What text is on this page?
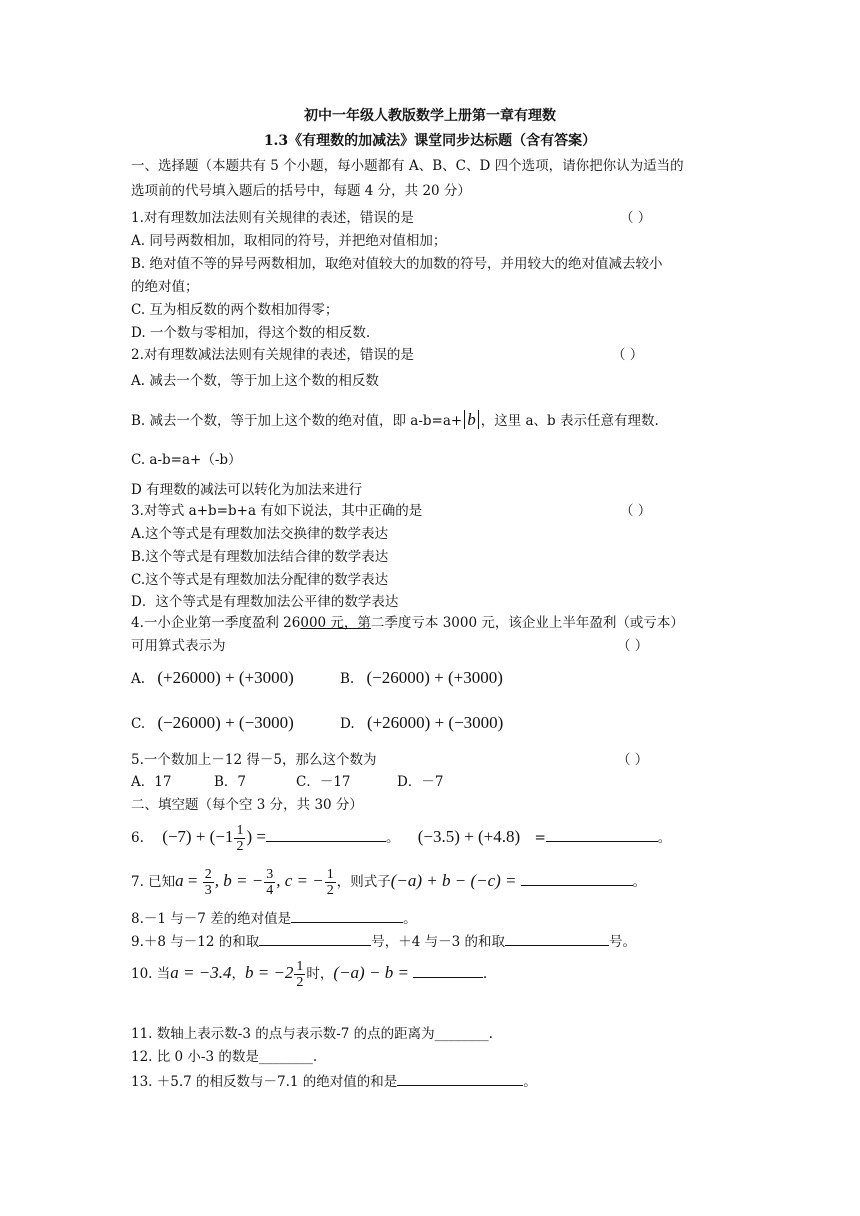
初中一年级人教版数学上册第一章有理数
1.3《有理数的加减法》课堂同步达标题（含有答案）
一、选择题（本题共有 5 个小题，每小题都有 A、B、C、D 四个选项，请你把你认为适当的
选项前的代号填入题后的括号中，每题 4 分，共 20 分）
1.对有理数加法法则有关规律的表述，错误的是	（ ）
A. 同号两数相加，取相同的符号，并把绝对值相加；
B. 绝对值不等的异号两数相加，取绝对值较大的加数的符号，并用较大的绝对值减去较小
的绝对值；
C. 互为相反数的两个数相加得零；
D. 一个数与零相加，得这个数的相反数.
2.对有理数减法法则有关规律的表述，错误的是	（ ）
A. 减去一个数，等于加上这个数的相反数
B. 减去一个数，等于加上这个数的绝对值，即 a-b=a+ b ，这里 a、b 表示任意有理数.
C. a-b=a+（-b）
D 有理数的减法可以转化为加法来进行
3.对等式 a+b=b+a 有如下说法，其中正确的是	（ ）
A.这个等式是有理数加法交换律的数学表达
B.这个等式是有理数加法结合律的数学表达
C.这个等式是有理数加法分配律的数学表达
D．这个等式是有理数加法公平律的数学表达
4.一小企业第一季度盈利 26000 元，第二季度亏本 3000 元，该企业上半年盈利（或亏本）
可用算式表示为	（ ）
A. (+26000) + (+3000)	B. (−26000) + (+3000)
C. (−26000) + (−3000)	D. (+26000) + (−3000)
5.一个数加上－12 得－5，那么这个数为	（ ）
A．17	B．7	C．－17	D．－7
二、填空题（每个空 3 分，共 30 分）
6. $(-7) + (-1 \frac{1}{2}$ ) =	。 (−3.5) + (+4.8) =	。
7. 已知$a = \frac{2}{3}$ , b = − $\frac{3}{4}$ , c = − $\frac{1}{2}$ ，则式子(−a) + b − (−c) =	。
8.－1 与－7 差的绝对值是	。
9.＋8 与－12 的和取	号，＋4 与－3 的和取	号。
10. 当a = −3.4，$b = -2 \frac{1}{2}$ 时，(−a) − b =	.
11. 数轴上表示数-3 的点与表示数-7 的点的距离为________.
12. 比 0 小-3 的数是________.
13. ＋5.7 的相反数与－7.1 的绝对值的和是	。
